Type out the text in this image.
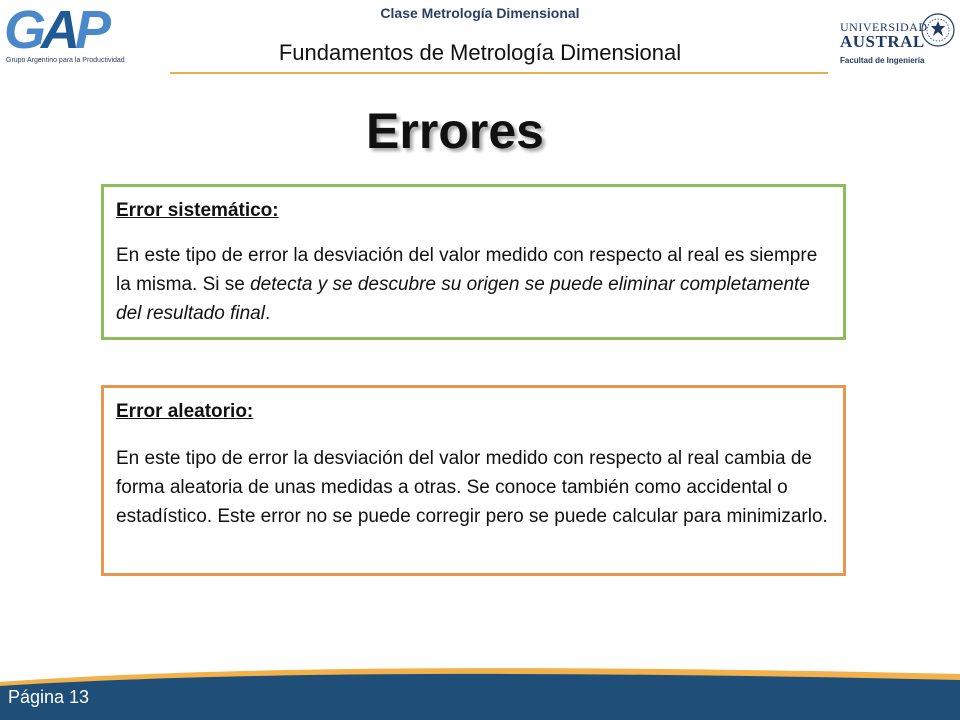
Clase Metrología Dimensional
Fundamentos de Metrología Dimensional
GAP
Grupo Argentino para la Productividad
UNIVERSIDAD
AUSTRAL
Facultad de Ingeniería
Errores
Error sistemático:

En este tipo de error la desviación del valor medido con respecto al real es siempre la misma. Si se detecta y se descubre su origen se puede eliminar completamente del resultado final.

Error aleatorio:

En este tipo de error la desviación del valor medido con respecto al real cambia de forma aleatoria de unas medidas a otras. Se conoce también como accidental o estadístico. Este error no se puede corregir pero se puede calcular para minimizarlo.

Página 13
